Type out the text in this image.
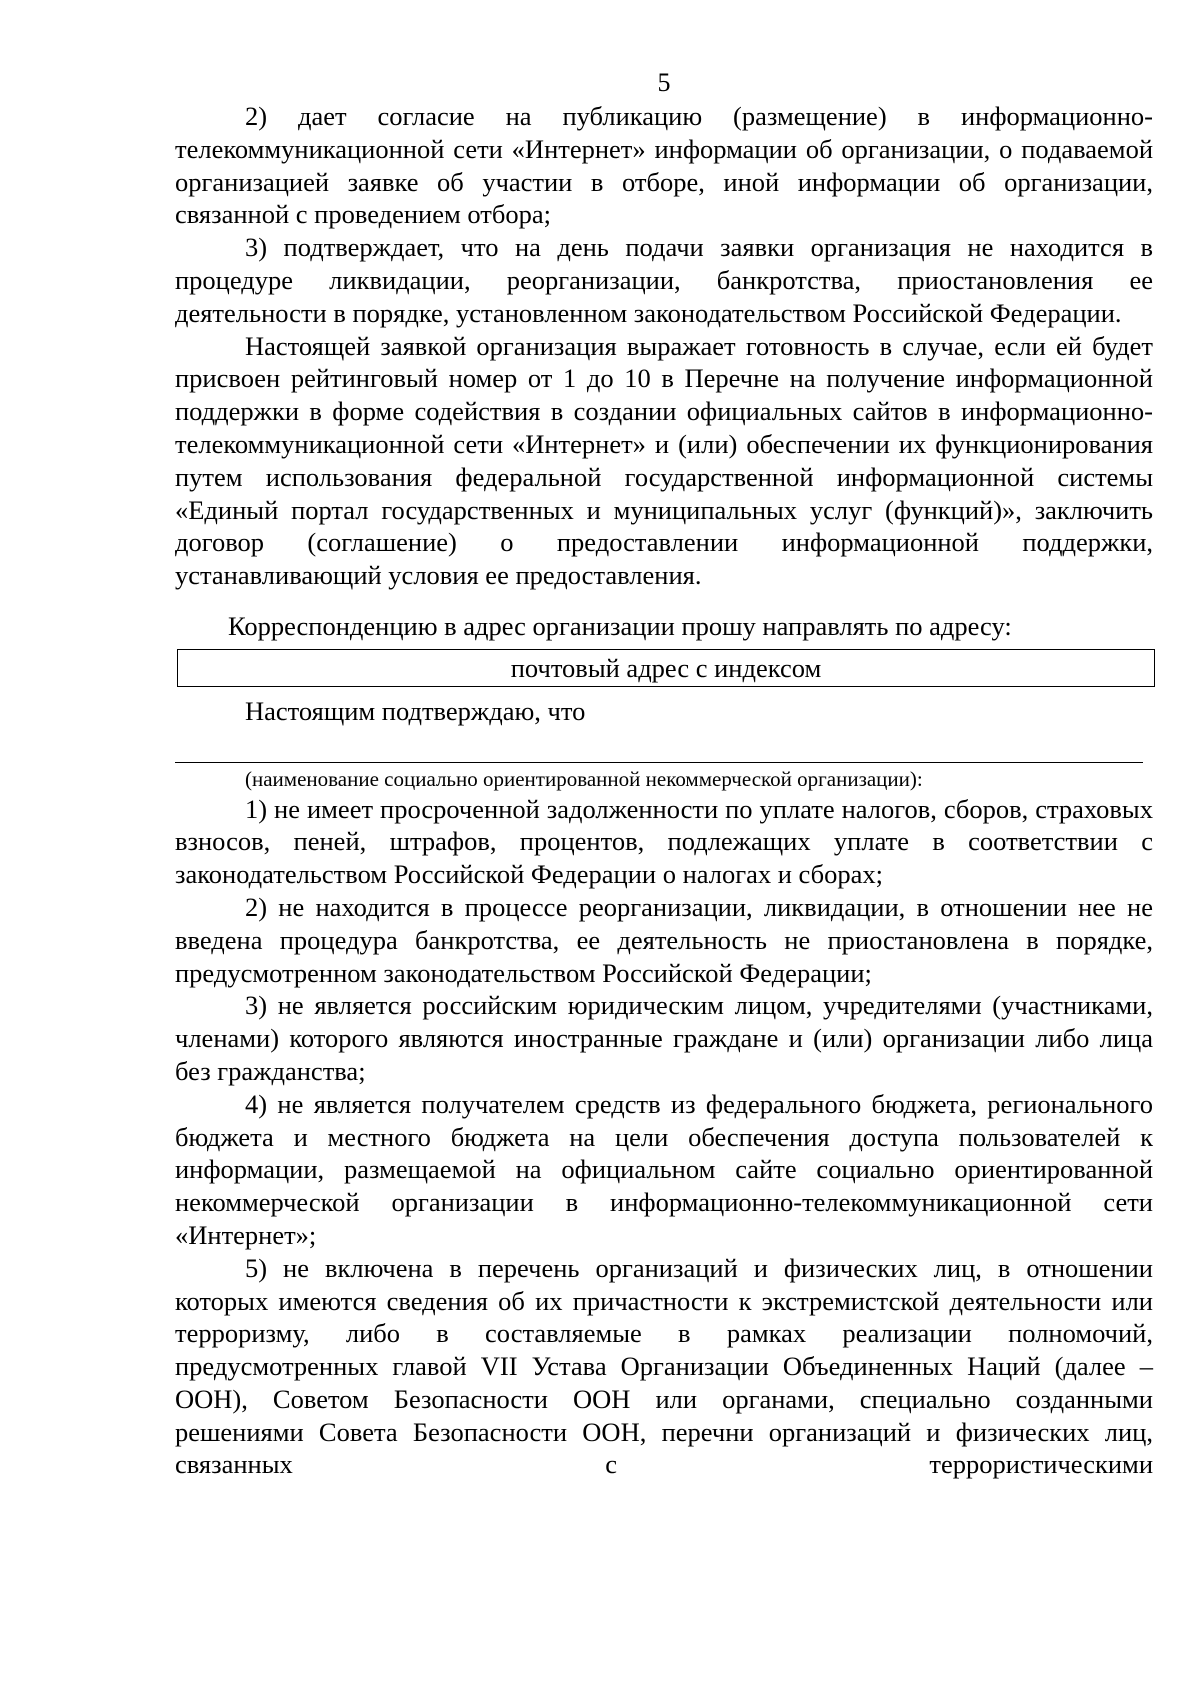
5

2) дает согласие на публикацию (размещение) в информационно-телекоммуникационной сети «Интернет» информации об организации, о подаваемой организацией заявке об участии в отборе, иной информации об организации, связанной с проведением отбора;

3) подтверждает, что на день подачи заявки организация не находится в процедуре ликвидации, реорганизации, банкротства, приостановления ее деятельности в порядке, установленном законодательством Российской Федерации.

Настоящей заявкой организация выражает готовность в случае, если ей будет присвоен рейтинговый номер от 1 до 10 в Перечне на получение информационной поддержки в форме содействия в создании официальных сайтов в информационно-телекоммуникационной сети «Интернет» и (или) обеспечении их функционирования путем использования федеральной государственной информационной системы «Единый портал государственных и муниципальных услуг (функций)», заключить договор (соглашение) о предоставлении информационной поддержки, устанавливающий условия ее предоставления.

Корреспонденцию в адрес организации прошу направлять по адресу:

почтовый адрес с индексом

Настоящим подтверждаю, что

(наименование социально ориентированной некоммерческой организации):

1) не имеет просроченной задолженности по уплате налогов, сборов, страховых взносов, пеней, штрафов, процентов, подлежащих уплате в соответствии с законодательством Российской Федерации о налогах и сборах;

2) не находится в процессе реорганизации, ликвидации, в отношении нее не введена процедура банкротства, ее деятельность не приостановлена в порядке, предусмотренном законодательством Российской Федерации;

3) не является российским юридическим лицом, учредителями (участниками, членами) которого являются иностранные граждане и (или) организации либо лица без гражданства;

4) не является получателем средств из федерального бюджета, регионального бюджета и местного бюджета на цели обеспечения доступа пользователей к информации, размещаемой на официальном сайте социально ориентированной некоммерческой организации в информационно-телекоммуникационной сети «Интернет»;

5) не включена в перечень организаций и физических лиц, в отношении которых имеются сведения об их причастности к экстремистской деятельности или терроризму, либо в составляемые в рамках реализации полномочий, предусмотренных главой VII Устава Организации Объединенных Наций (далее – ООН), Советом Безопасности ООН или органами, специально созданными решениями Совета Безопасности ООН, перечни организаций и физических лиц, связанных с террористическими
